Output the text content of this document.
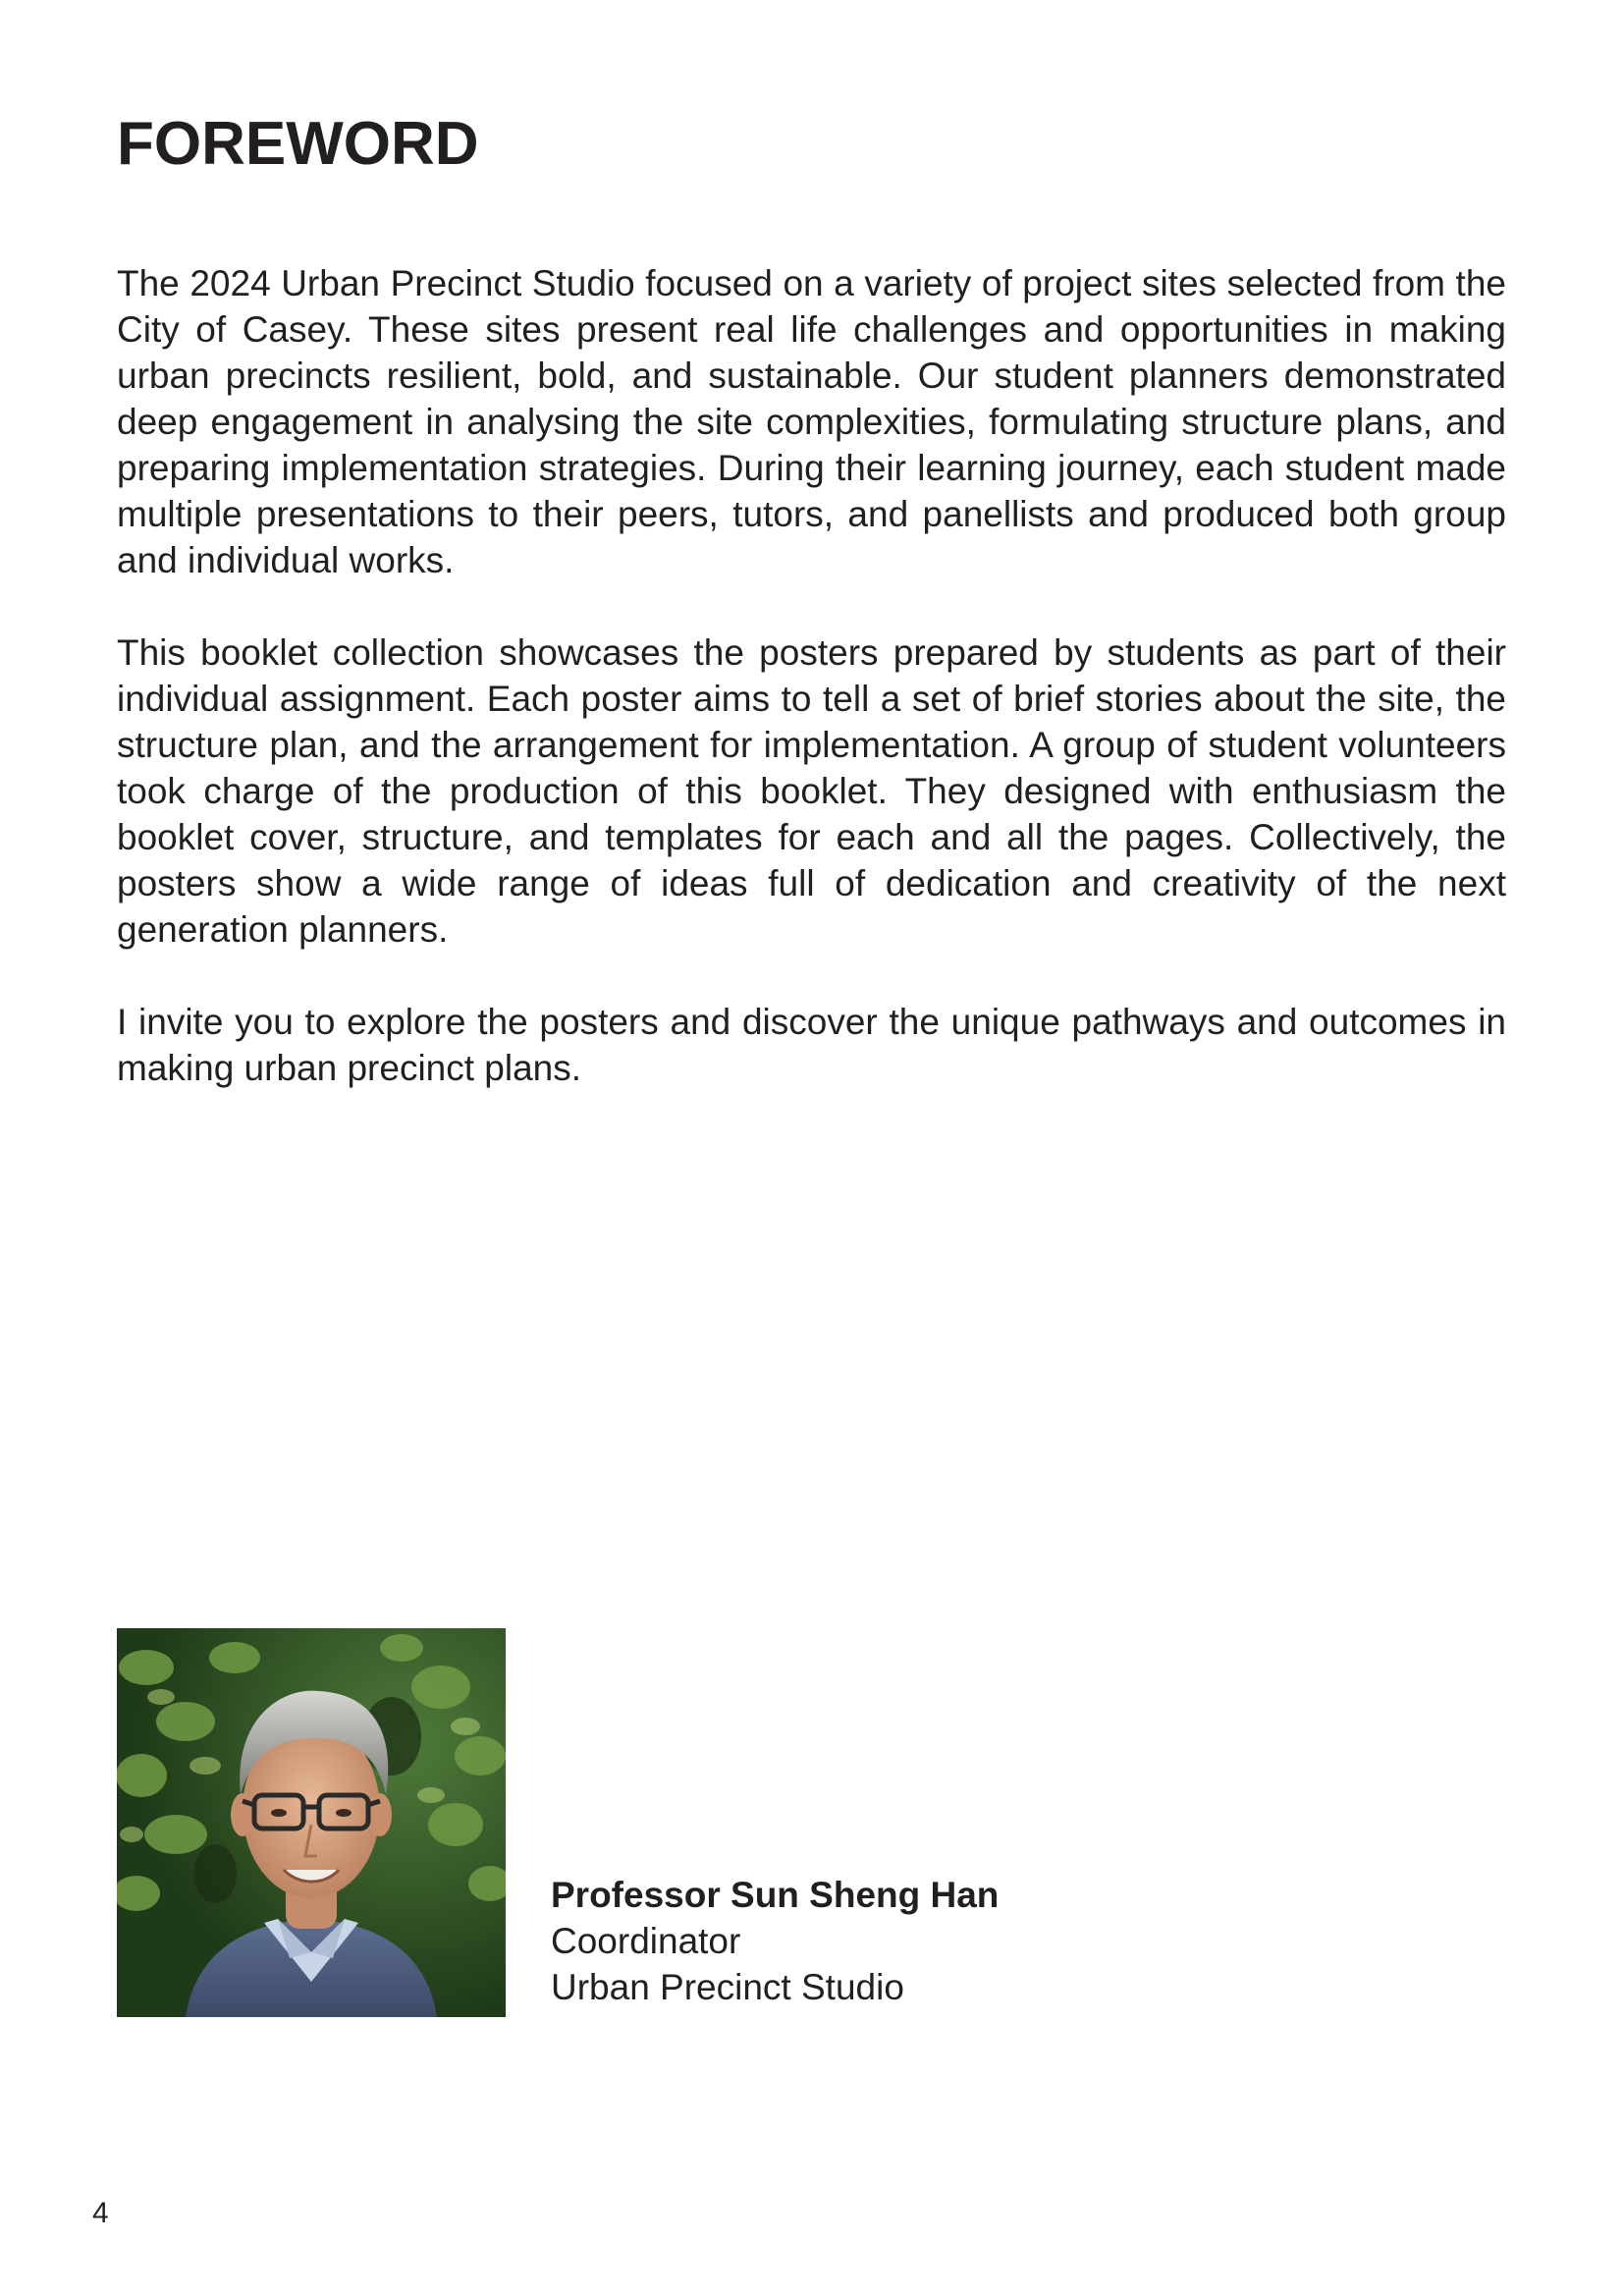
FOREWORD

The 2024 Urban Precinct Studio focused on a variety of project sites selected from the City of Casey. These sites present real life challenges and opportunities in making urban precincts resilient, bold, and sustainable. Our student planners demonstrated deep engagement in analysing the site complexities, formulating structure plans, and preparing implementation strategies. During their learning journey, each student made multiple presentations to their peers, tutors, and panellists and produced both group and individual works.

This booklet collection showcases the posters prepared by students as part of their individual assignment. Each poster aims to tell a set of brief stories about the site, the structure plan, and the arrangement for implementation. A group of student volunteers took charge of the production of this booklet. They designed with enthusiasm the booklet cover, structure, and templates for each and all the pages. Collectively, the posters show a wide range of ideas full of dedication and creativity of the next generation planners.

I invite you to explore the posters and discover the unique pathways and outcomes in making urban precinct plans.

Professor Sun Sheng Han
Coordinator
Urban Precinct Studio
4
